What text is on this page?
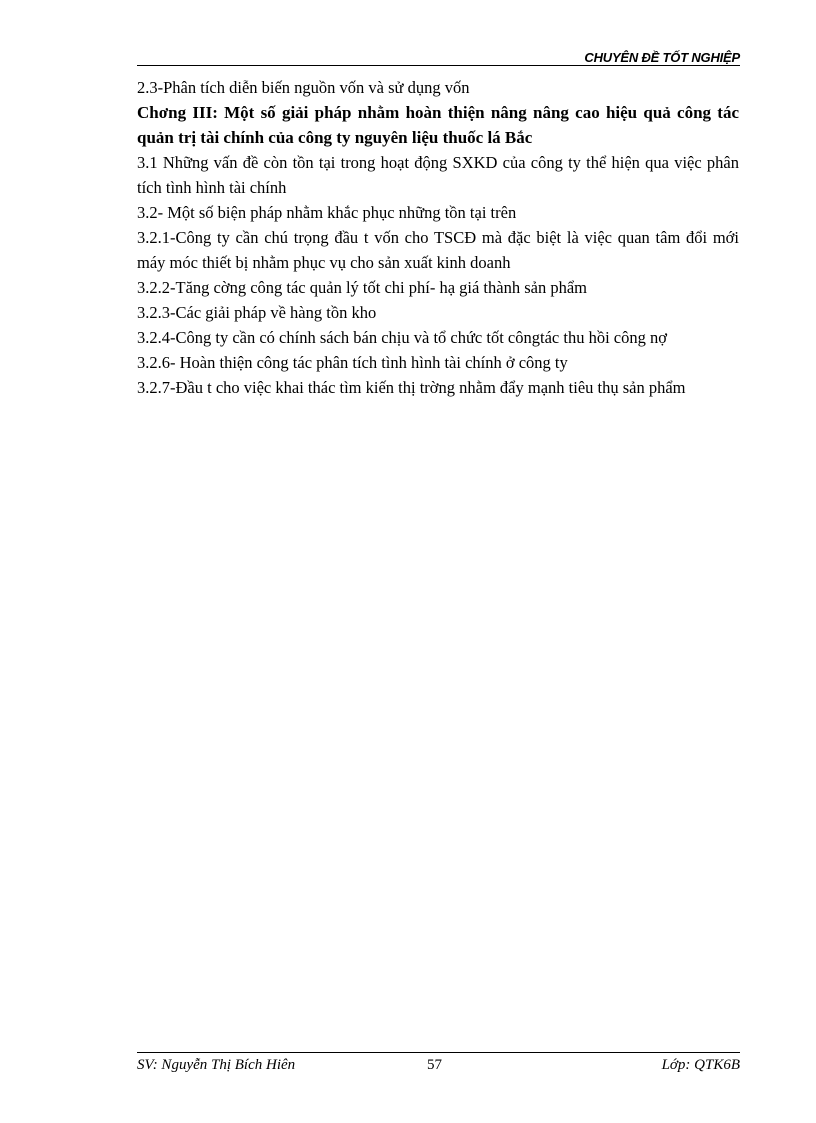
CHUYÊN ĐỀ TỐT NGHIỆP

2.3-Phân tích diễn biến nguồn vốn và sử dụng vốn

Chơng III: Một số giải pháp nhằm hoàn thiện nâng nâng cao hiệu quả công tác quản trị tài chính của công ty nguyên liệu thuốc lá Bắc

3.1 Những vấn đề còn tồn tại trong hoạt động SXKD của công ty thể hiện qua việc phân tích tình hình tài chính

3.2- Một số biện pháp nhằm khắc phục những tồn tại trên

3.2.1-Công ty cần chú trọng đầu t vốn cho TSCĐ mà đặc biệt là việc quan tâm đổi mới máy móc thiết bị nhằm phục vụ cho sản xuất kinh doanh

3.2.2-Tăng cờng công tác quản lý tốt chi phí- hạ giá thành sản phẩm

3.2.3-Các giải pháp về hàng tồn kho

3.2.4-Công ty cần có chính sách bán chịu và tổ chức tốt côngtác thu hồi công nợ

3.2.6- Hoàn thiện công tác phân tích tình hình tài chính ở công ty

3.2.7-Đầu t cho việc khai thác tìm kiến thị trờng nhằm đẩy mạnh tiêu thụ sản phẩm

SV: Nguyễn Thị Bích Hiên	57	Lớp: QTK6B
